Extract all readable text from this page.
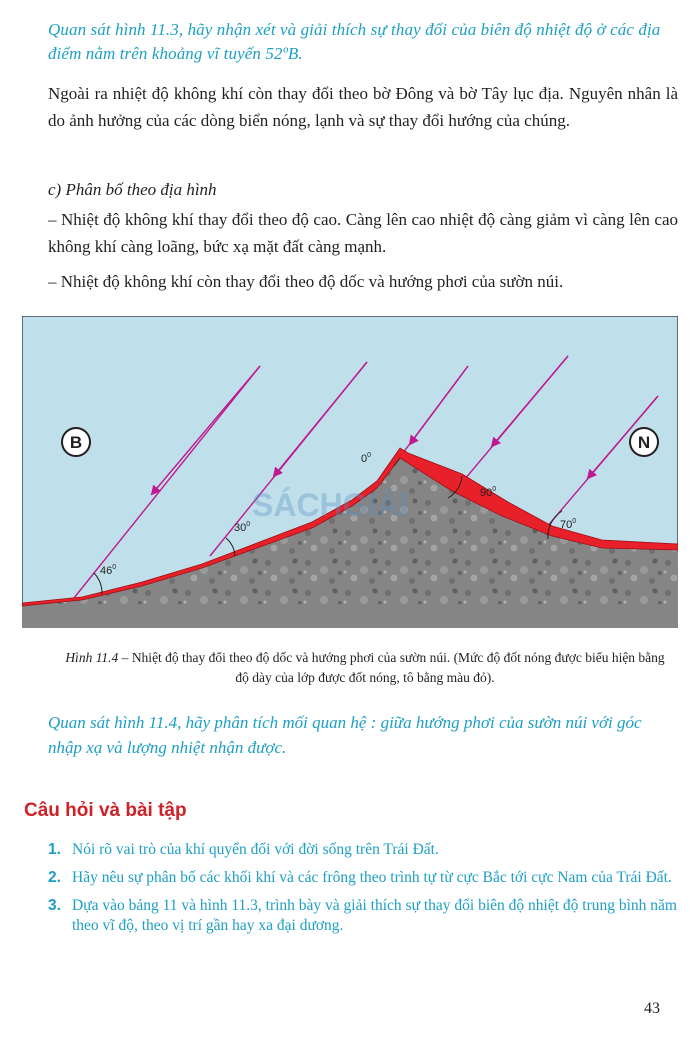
Quan sát hình 11.3, hãy nhận xét và giải thích sự thay đổi của biên độ nhiệt độ ở các địa điểm nằm trên khoảng vĩ tuyến 52ºB.
Ngoài ra nhiệt độ không khí còn thay đổi theo bờ Đông và bờ Tây lục địa. Nguyên nhân là do ảnh hưởng của các dòng biển nóng, lạnh và sự thay đổi hướng của chúng.
c) Phân bố theo địa hình
– Nhiệt độ không khí thay đổi theo độ cao. Càng lên cao nhiệt độ càng giảm vì càng lên cao không khí càng loãng, bức xạ mặt đất càng mạnh.
– Nhiệt độ không khí còn thay đổi theo độ dốc và hướng phơi của sườn núi.
$46^0$
$30^0$
$0^0$
$90^0$
$70^0$
B	N
SÁCHGIẢI
Hình 11.4 – Nhiệt độ thay đổi theo độ dốc và hướng phơi của sườn núi. (Mức độ đốt nóng được biểu hiện bằng độ dày của lớp được đốt nóng, tô bằng màu đỏ).
Quan sát hình 11.4, hãy phân tích mối quan hệ : giữa hướng phơi của sườn núi với góc nhập xạ và lượng nhiệt nhận được.
Câu hỏi và bài tập
1. Nói rõ vai trò của khí quyển đối với đời sống trên Trái Đất.
2. Hãy nêu sự phân bố các khối khí và các frông theo trình tự từ cực Bắc tới cực Nam của Trái Đất.
3. Dựa vào bảng 11 và hình 11.3, trình bày và giải thích sự thay đổi biên độ nhiệt độ trung bình năm theo vĩ độ, theo vị trí gần hay xa đại dương.
43
